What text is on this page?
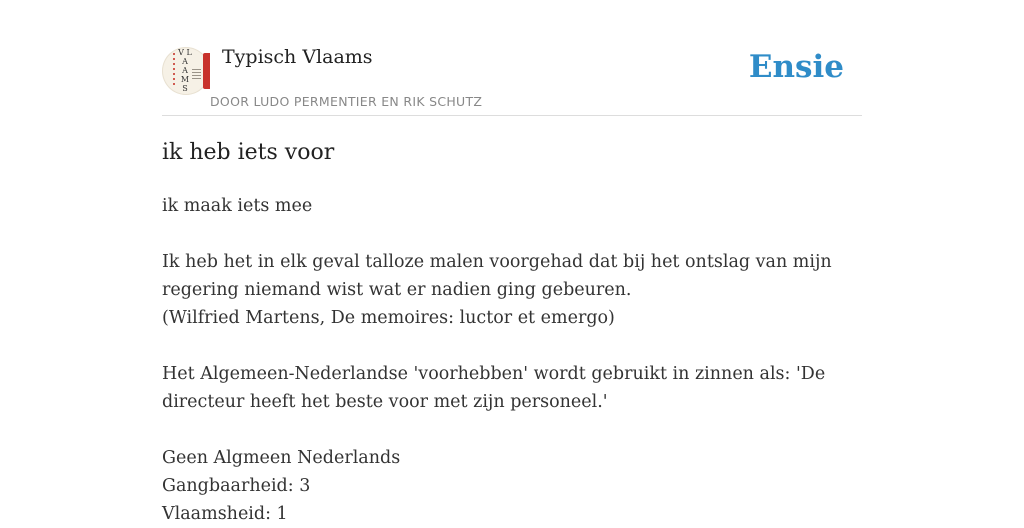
V L A A M S
Typisch Vlaams
DOOR LUDO PERMENTIER EN RIK SCHUTZ
Ensie
ik heb iets voor
ik maak iets mee
Ik heb het in elk geval talloze malen voorgehad dat bij het ontslag van mijn
regering niemand wist wat er nadien ging gebeuren.
(Wilfried Martens, De memoires: luctor et emergo)
Het Algemeen-Nederlandse 'voorhebben' wordt gebruikt in zinnen als: 'De
directeur heeft het beste voor met zijn personeel.'
Geen Algmeen Nederlands
Gangbaarheid: 3
Vlaamsheid: 1
